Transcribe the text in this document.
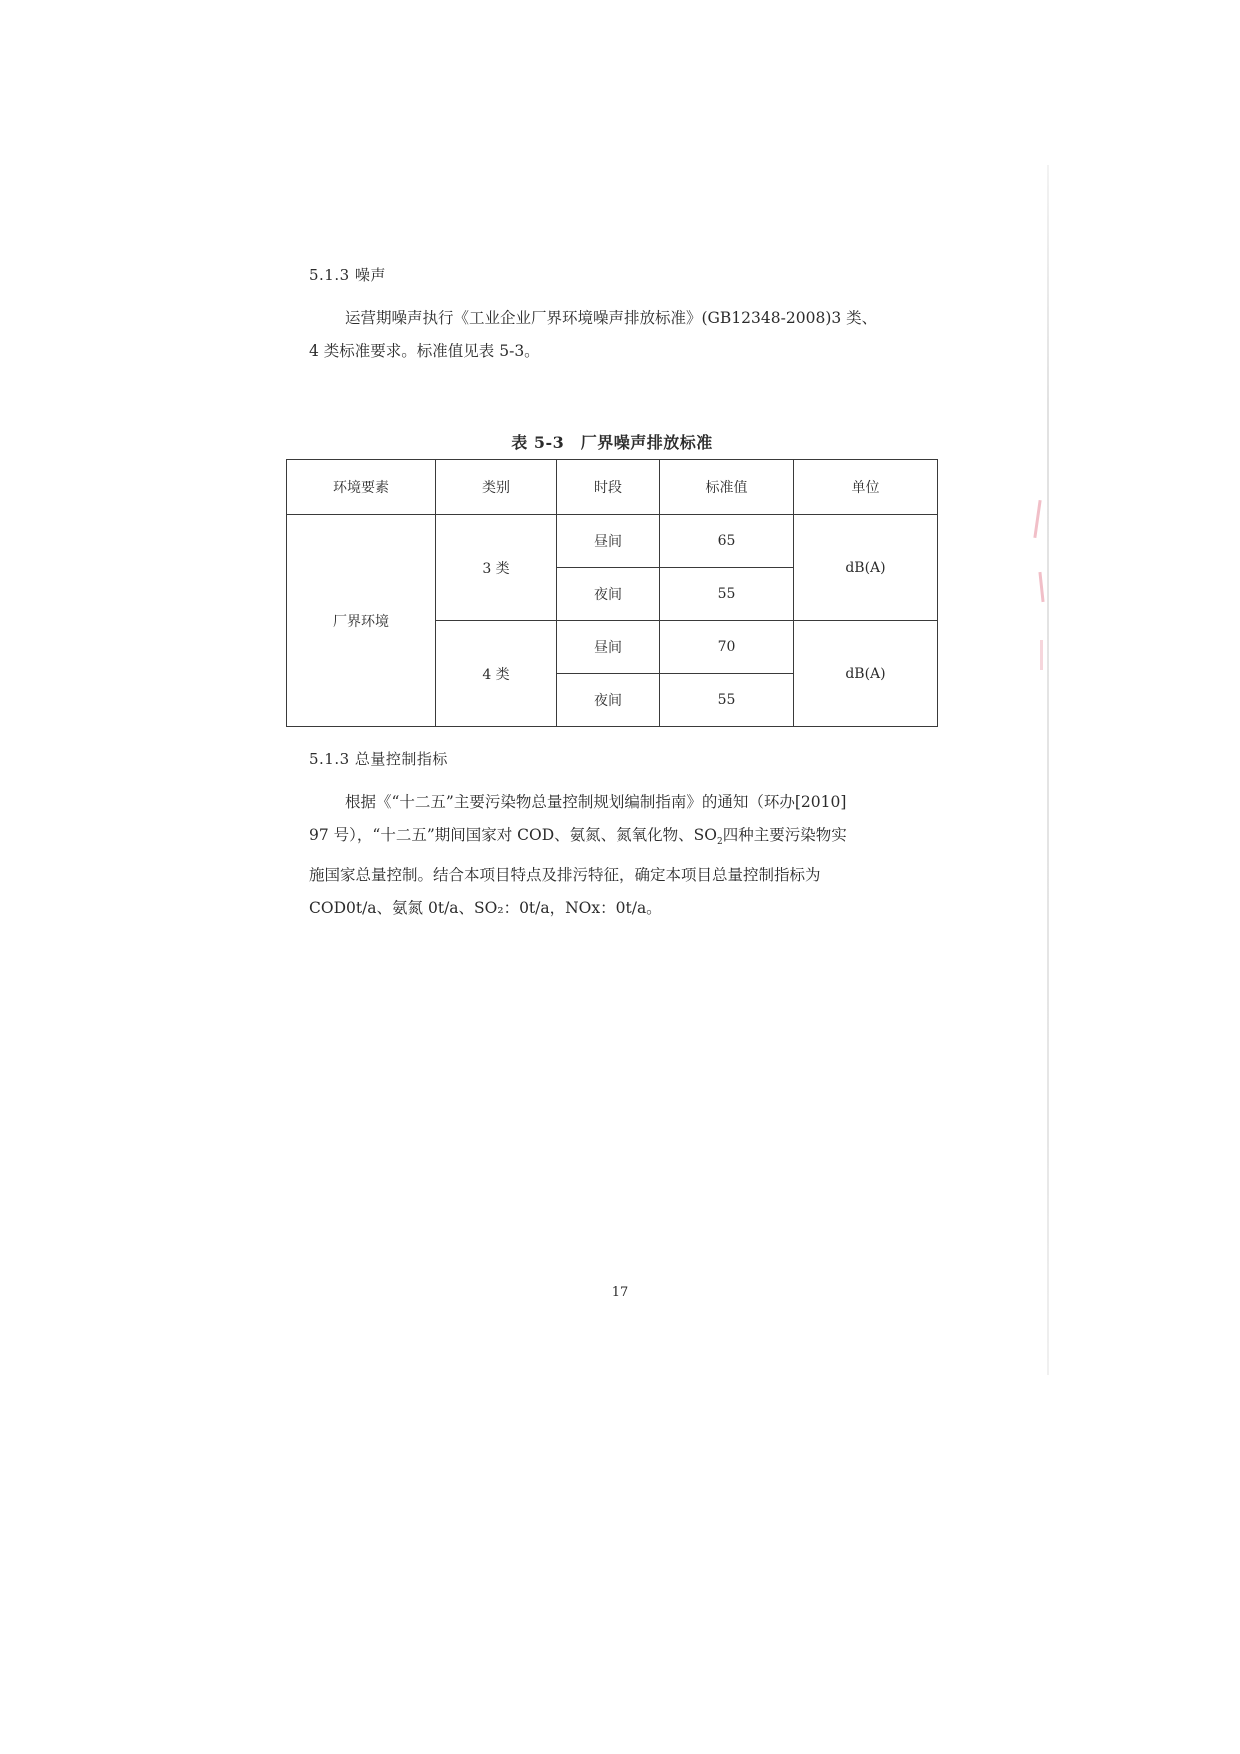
5.1.3 噪声
运营期噪声执行《工业企业厂界环境噪声排放标准》(GB12348-2008)3 类、
4 类标准要求。标准值见表 5-3。
表 5-3　厂界噪声排放标准
环境要素	类别	时段	标准值	单位
厂界环境	3 类	昼间	65	dB(A)
		夜间	55	
	4 类	昼间	70	dB(A)
		夜间	55	
5.1.3 总量控制指标
根据《“十二五”主要污染物总量控制规划编制指南》的通知（环办[2010]
97 号），“十二五”期间国家对 COD、氨氮、氮氧化物、$SO_2$四种主要污染物实
施国家总量控制。结合本项目特点及排污特征，确定本项目总量控制指标为
COD0t/a、氨氮 0t/a、SO₂：0t/a，NOx：0t/a。
17
